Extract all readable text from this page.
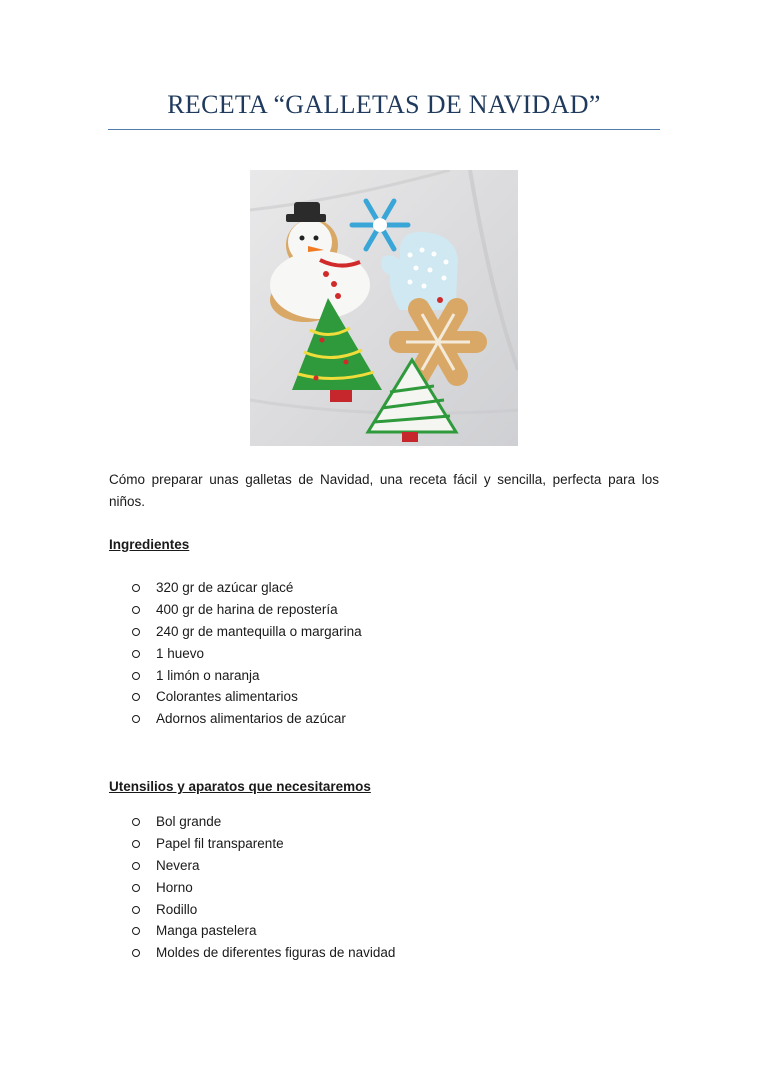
RECETA “GALLETAS DE NAVIDAD”

Cómo preparar unas galletas de Navidad, una receta fácil y sencilla, perfecta para los niños.

Ingredientes

320 gr de azúcar glacé
400 gr de harina de repostería
240 gr de mantequilla o margarina
1 huevo
1 limón o naranja
Colorantes alimentarios
Adornos alimentarios de azúcar

Utensilios y aparatos que necesitaremos

Bol grande
Papel fil transparente
Nevera
Horno
Rodillo
Manga pastelera
Moldes de diferentes figuras de navidad
